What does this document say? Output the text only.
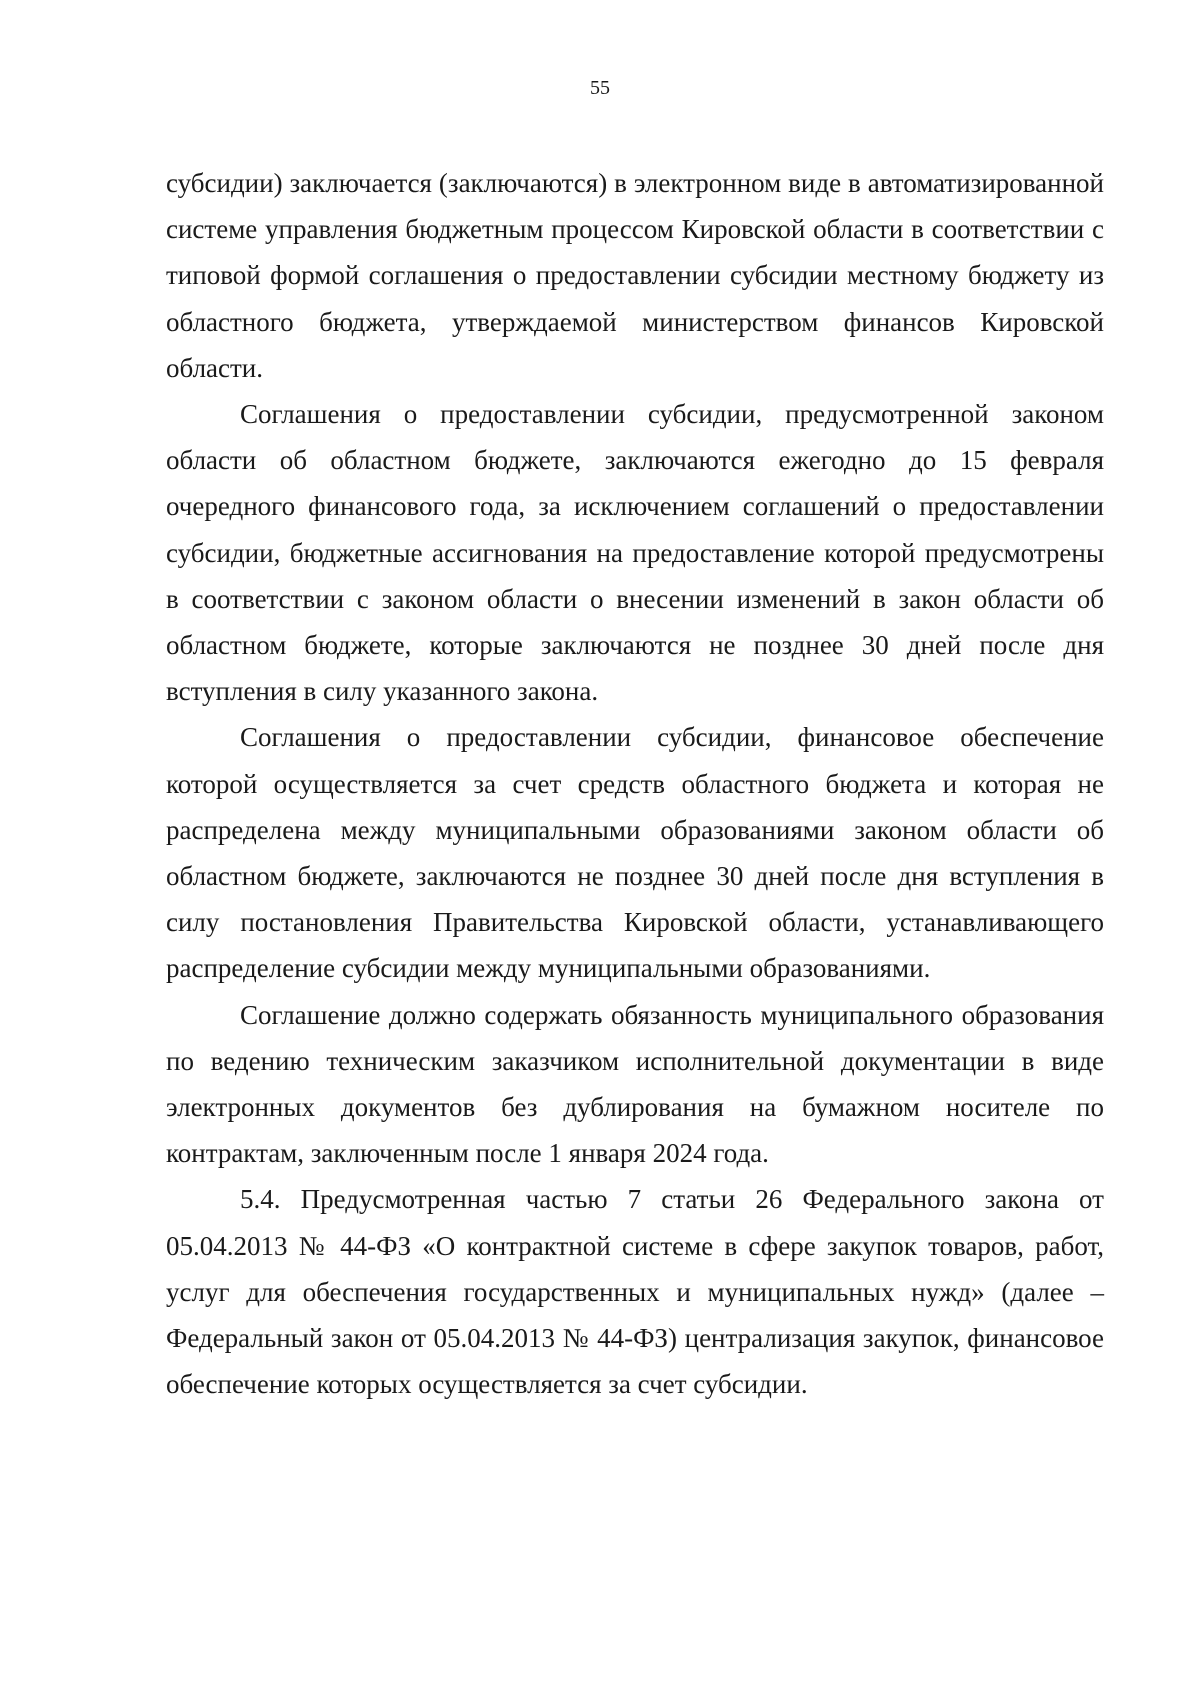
55

субсидии) заключается (заключаются) в электронном виде в автоматизированной системе управления бюджетным процессом Кировской области в соответствии с типовой формой соглашения о предоставлении субсидии местному бюджету из областного бюджета, утверждаемой министерством финансов Кировской области.

Соглашения о предоставлении субсидии, предусмотренной законом области об областном бюджете, заключаются ежегодно до 15 февраля очередного финансового года, за исключением соглашений о предоставлении субсидии, бюджетные ассигнования на предоставление которой предусмотрены в соответствии с законом области о внесении изменений в закон области об областном бюджете, которые заключаются не позднее 30 дней после дня вступления в силу указанного закона.

Соглашения о предоставлении субсидии, финансовое обеспечение которой осуществляется за счет средств областного бюджета и которая не распределена между муниципальными образованиями законом области об областном бюджете, заключаются не позднее 30 дней после дня вступления в силу постановления Правительства Кировской области, устанавливающего распределение субсидии между муниципальными образованиями.

Соглашение должно содержать обязанность муниципального образования по ведению техническим заказчиком исполнительной документации в виде электронных документов без дублирования на бумажном носителе по контрактам, заключенным после 1 января 2024 года.

5.4. Предусмотренная частью 7 статьи 26 Федерального закона от 05.04.2013 № 44-ФЗ «О контрактной системе в сфере закупок товаров, работ, услуг для обеспечения государственных и муниципальных нужд» (далее – Федеральный закон от 05.04.2013 № 44-ФЗ) централизация закупок, финансовое обеспечение которых осуществляется за счет субсидии.
